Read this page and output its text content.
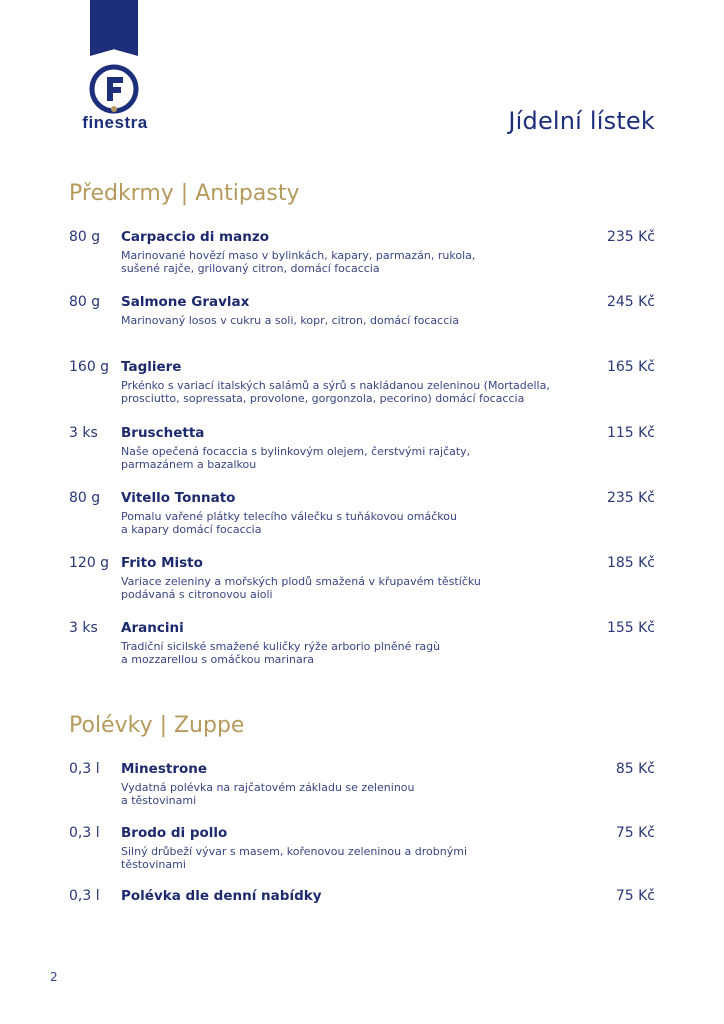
finestra	Jídelní lístek
Předkrmy | Antipasty
80 g Carpaccio di manzo	235 Kč
Marinované hovězí maso v bylinkách, kapary, parmazán, rukola,
sušené rajče, grilovaný citron, domácí focaccia
80 g Salmone Gravlax	245 Kč
Marinovaný losos v cukru a soli, kopr, citron, domácí focaccia
160 g Tagliere	165 Kč
Prkénko s variací italských salámů a sýrů s nakládanou zeleninou (Mortadella,
prosciutto, sopressata, provolone, gorgonzola, pecorino) domácí focaccia
3 ks Bruschetta	115 Kč
Naše opečená focaccia s bylinkovým olejem, čerstvými rajčaty,
parmazánem a bazalkou
80 g Vitello Tonnato	235 Kč
Pomalu vařené plátky telecího válečku s tuňákovou omáčkou
a kapary domácí focaccia
120 g Frito Misto	185 Kč
Variace zeleniny a mořských plodů smažená v křupavém těstíčku
podávaná s citronovou aioli
3 ks Arancini	155 Kč
Tradiční sicilské smažené kuličky rýže arborio plněné ragù
a mozzarellou s omáčkou marinara
Polévky | Zuppe
0,3 l Minestrone	85 Kč
Vydatná polévka na rajčatovém základu se zeleninou
a těstovinami
0,3 l Brodo di pollo	75 Kč
Silný drůbeží vývar s masem, kořenovou zeleninou a drobnými
těstovinami
0,3 l Polévka dle denní nabídky	75 Kč
2
